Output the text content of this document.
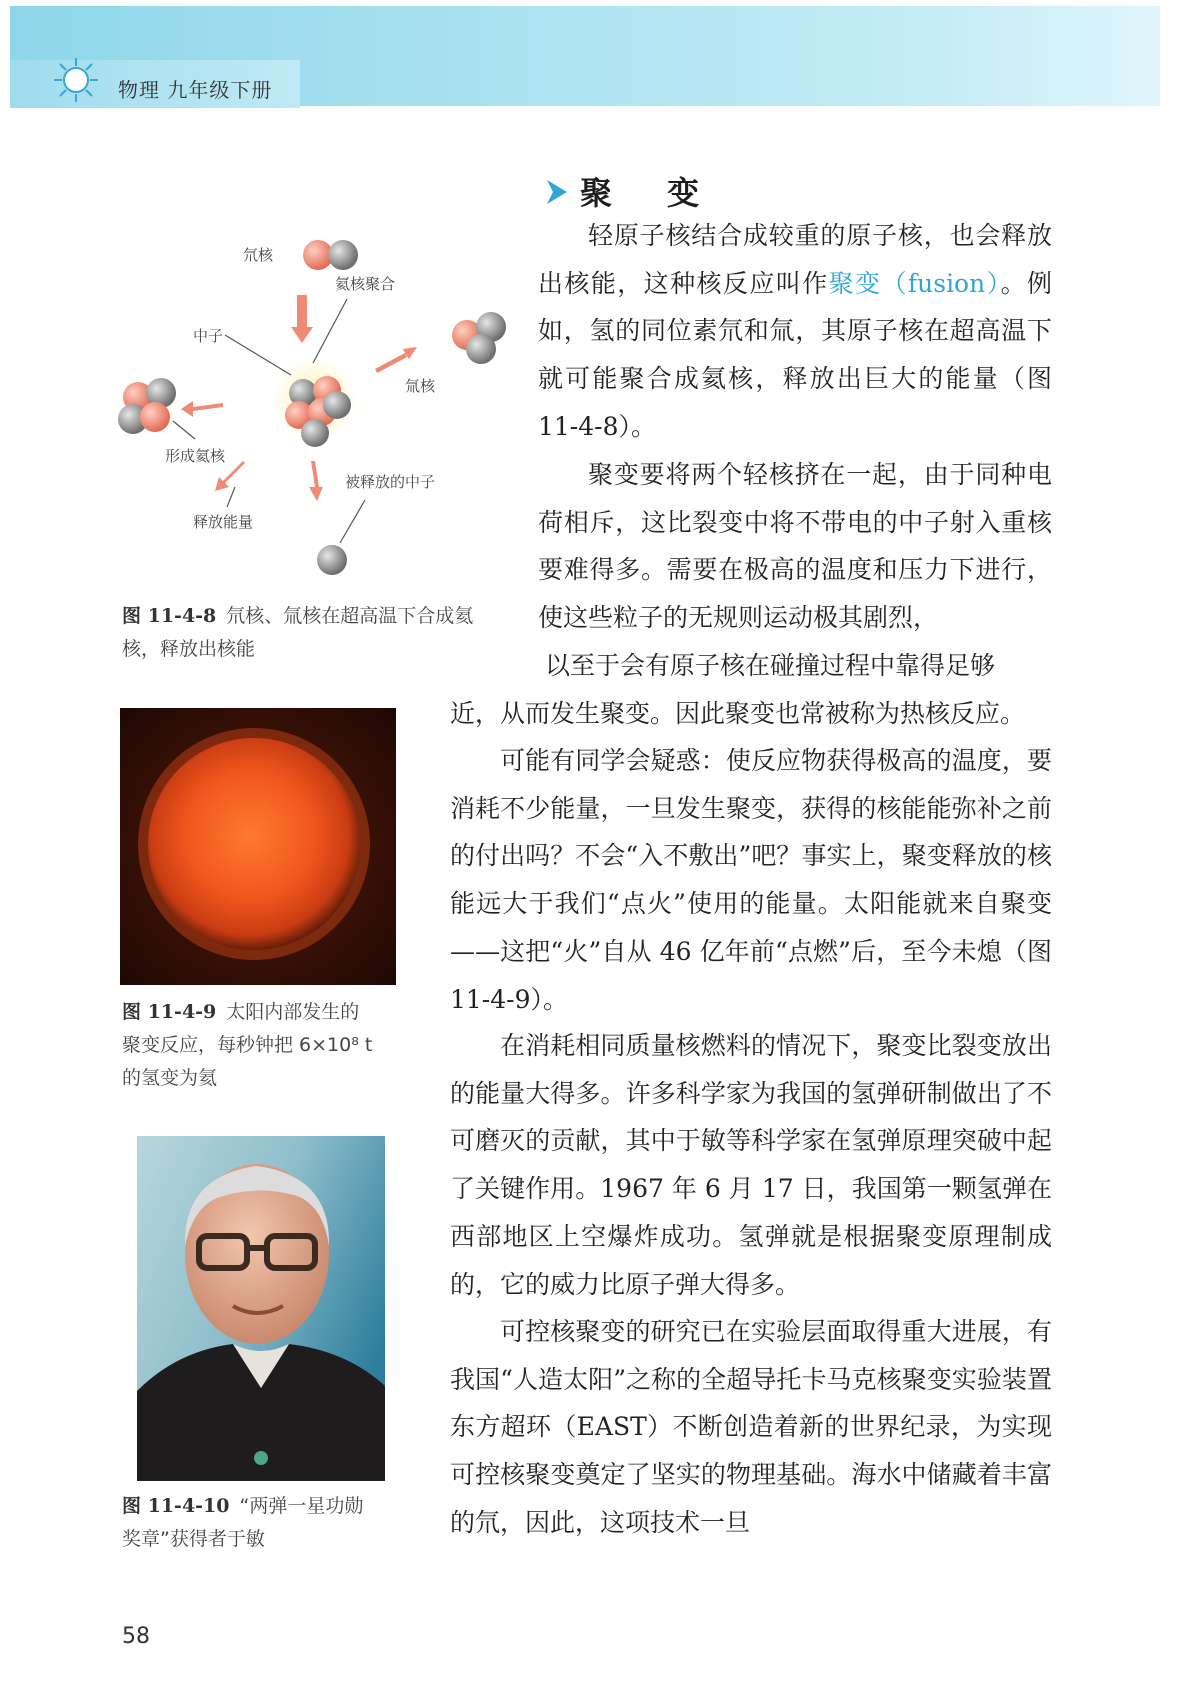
物理 九年级下册
聚 变

轻原子核结合成较重的原子核，也会释放出核能，这种核反应叫作聚变（fusion）。例如，氢的同位素氘和氚，其原子核在超高温下就可能聚合成氦核，释放出巨大的能量（图 11-4-8）。

聚变要将两个轻核挤在一起，由于同种电荷相斥，这比裂变中将不带电的中子射入重核要难得多。需要在极高的温度和压力下进行，使这些粒子的无规则运动极其剧烈，

以至于会有原子核在碰撞过程中靠得足够

近，从而发生聚变。因此聚变也常被称为热核反应。

可能有同学会疑惑：使反应物获得极高的温度，要消耗不少能量，一旦发生聚变，获得的核能能弥补之前的付出吗？不会“入不敷出”吧？事实上，聚变释放的核能远大于我们“点火”使用的能量。太阳能就来自聚变——这把“火”自从 46 亿年前“点燃”后，至今未熄（图 11-4-9）。

在消耗相同质量核燃料的情况下，聚变比裂变放出的能量大得多。许多科学家为我国的氢弹研制做出了不可磨灭的贡献，其中于敏等科学家在氢弹原理突破中起了关键作用。1967 年 6 月 17 日，我国第一颗氢弹在西部地区上空爆炸成功。氢弹就是根据聚变原理制成的，它的威力比原子弹大得多。

可控核聚变的研究已在实验层面取得重大进展，有我国“人造太阳”之称的全超导托卡马克核聚变实验装置东方超环（EAST）不断创造着新的世界纪录，为实现可控核聚变奠定了坚实的物理基础。海水中储藏着丰富的氘，因此，这项技术一旦

氘核
氦核聚合
中子
氚核
形成氦核
被释放的中子
释放能量
图 11-4-8 氘核、氚核在超高温下合成氦
核，释放出核能
图 11-4-9 太阳内部发生的
聚变反应，每秒钟把 6×10⁸ t
的氢变为氦
图 11-4-10 “两弹一星功勋
奖章”获得者于敏
58
